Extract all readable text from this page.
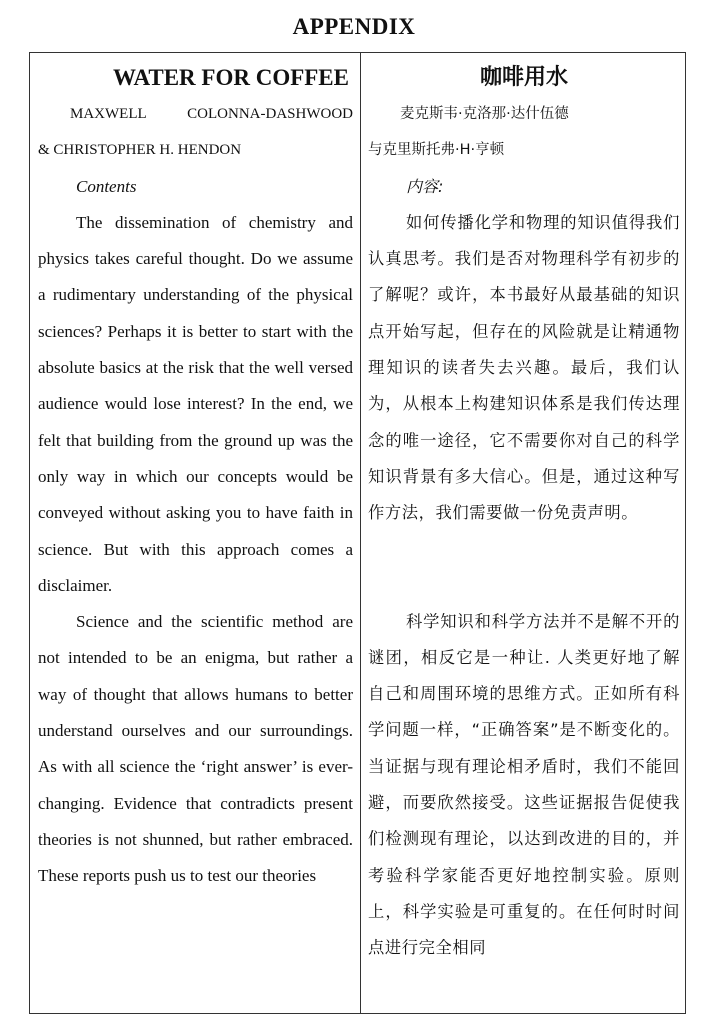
APPENDIX
WATER FOR COFFEE
MAXWELL	COLONNA-DASHWOOD
& CHRISTOPHER H. HENDON
Contents

The dissemination of chemistry and physics takes careful thought. Do we assume a rudimentary understanding of the physical sciences? Perhaps it is better to start with the absolute basics at the risk that the well versed audience would lose interest? In the end, we felt that building from the ground up was the only way in which our concepts would be conveyed without asking you to have faith in science. But with this approach comes a disclaimer.

Science and the scientific method are not intended to be an enigma, but rather a way of thought that allows humans to better understand ourselves and our surroundings. As with all science the ‘right answer’ is ever-changing. Evidence that contradicts present theories is not shunned, but rather embraced. These reports push us to test our theories

咖啡用水
麦克斯韦·克洛那·达什伍德
与克里斯托弗·H·亨顿
内容:

如何传播化学和物理的知识值得我们认真思考。我们是否对物理科学有初步的了解呢？或许，本书最好从最基础的知识点开始写起，但存在的风险就是让精通物理知识的读者失去兴趣。最后，我们认为，从根本上构建知识体系是我们传达理念的唯一途径，它不需要你对自己的科学知识背景有多大信心。但是，通过这种写作方法，我们需要做一份免责声明。

科学知识和科学方法并不是解不开的谜团，相反它是一种让. 人类更好地了解自己和周围环境的思维方式。正如所有科学问题一样，“正确答案”是不断变化的。当证据与现有理论相矛盾时，我们不能回避，而要欣然接受。这些证据报告促使我们检测现有理论，以达到改进的目的，并考验科学家能否更好地控制实验。原则上，科学实验是可重复的。在任何时时间点进行完全相同
